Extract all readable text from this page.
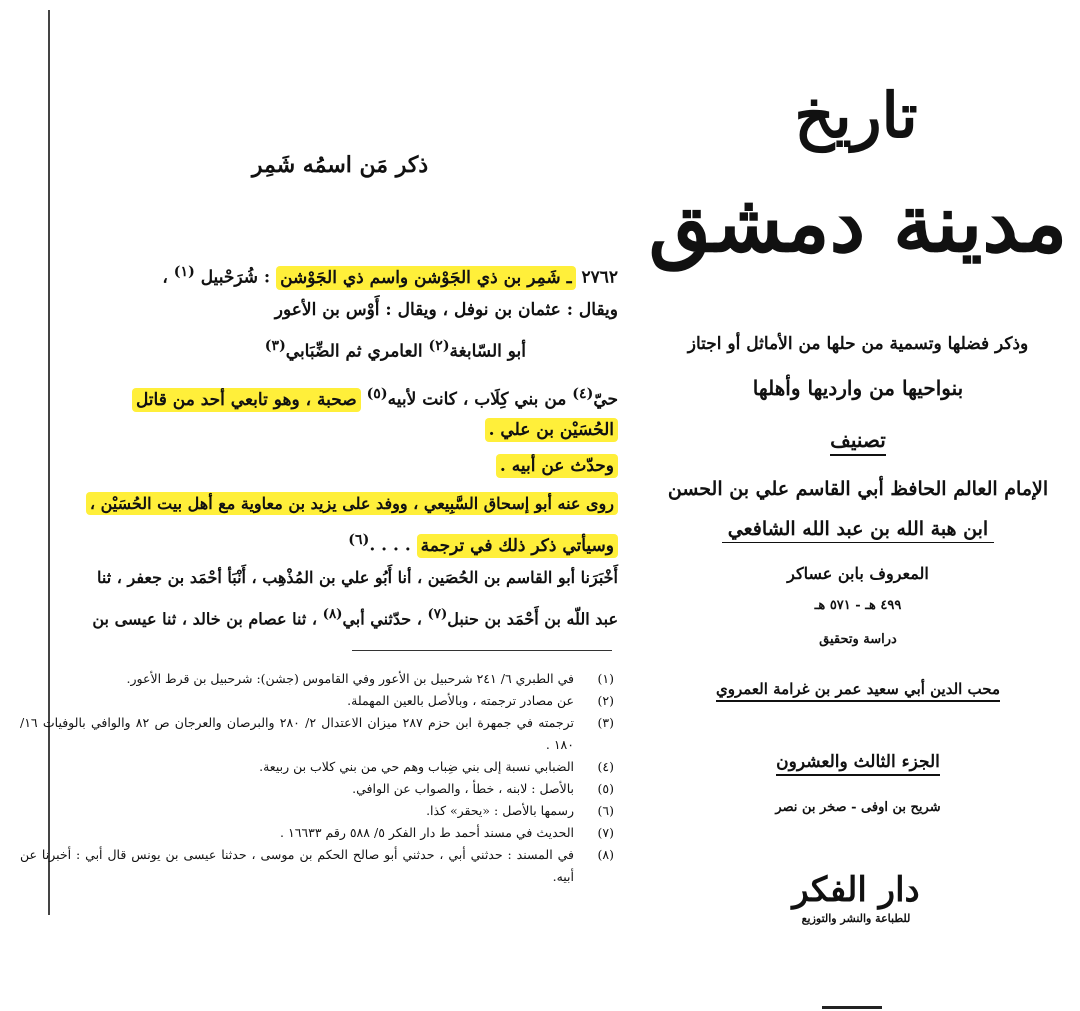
ذكر مَن اسمُه شَمِر
٢٧٦٢ ـ شَمِر بن ذي الجَوْشن واسم ذي الجَوْشن : شُرَحْبيل $^{(١)}$ ،
ويقال : عثمان بن نوفل ، ويقال : أَوْس بن الأعور
أبو السّابغة$^{(٢)}$ العامري ثم الضِّبَابي$^{(٣)}$
حيّ$^{(٤)}$ من بني كِلَاب ، كانت لأبيه$^{(٥)}$ صحبة ، وهو تابعي أحد من قاتل
الحُسَيْن بن علي .
وحدّث عن أبيه .
روى عنه أبو إسحاق السَّبِيعي ، ووفد على يزيد بن معاوية مع أهل بيت الحُسَيْن ،
وسيأتي ذكر ذلك في ترجمة . . . .$^{(٦)}$
أَخْبَرَنا أبو القاسم بن الحُصَين ، أنا أَبُو علي بن المُذْهِب ، أَنْبَأ أحْمَد بن جعفر ، ثنا
عبد اللّه بن أَحْمَد بن حنبل$^{(٧)}$ ، حدّثني أبي$^{(٨)}$ ، ثنا عصام بن خالد ، ثنا عيسى بن
(١)
في الطبري ٦/ ٢٤١ شرحبيل بن الأعور وفي القاموس (جشن): شرحبيل بن قرط الأعور.
(٢)
عن مصادر ترجمته ، وبالأصل بالعين المهملة.
(٣)
ترجمته في جمهرة ابن حزم ٢٨٧ ميزان الاعتدال ٢/ ٢٨٠ والبرصان والعرجان ص ٨٢ والوافي بالوفيات ١٦/ ١٨٠ .
(٤)
الضبابي نسبة إلى بني ضِباب وهم حي من بني كلاب بن ربيعة.
(٥)
بالأصل : لابنه ، خطأ ، والصواب عن الوافي.
(٦)
رسمها بالأصل : «يحقر» كذا.
(٧)
الحديث في مسند أحمد ط دار الفكر ٥/ ٥٨٨ رقم ١٦٦٣٣ .
(٨)
في المسند : حدثني أبي ، حدثني أبو صالح الحكم بن موسى ، حدثنا عيسى بن يونس قال أبي : أخبرنا عن أبيه.
تاريخ
مدينة دمشق
وذكر فضلها وتسمية من حلها من الأماثل أو اجتاز
بنواحيها من وارديها وأهلها
تصنيف
الإمام العالم الحافظ أبي القاسم علي بن الحسن
ابن هبة الله بن عبد الله الشافعي
المعروف بابن عساكر
٤٩٩ هـ - ٥٧١ هـ
دراسة وتحقيق
محب الدين أبي سعيد عمر بن غرامة العمروي
الجزء الثالث والعشرون
شريح بن اوفى - صخر بن نصر
دار الفكر
للطباعة والنشر والتوزيع
